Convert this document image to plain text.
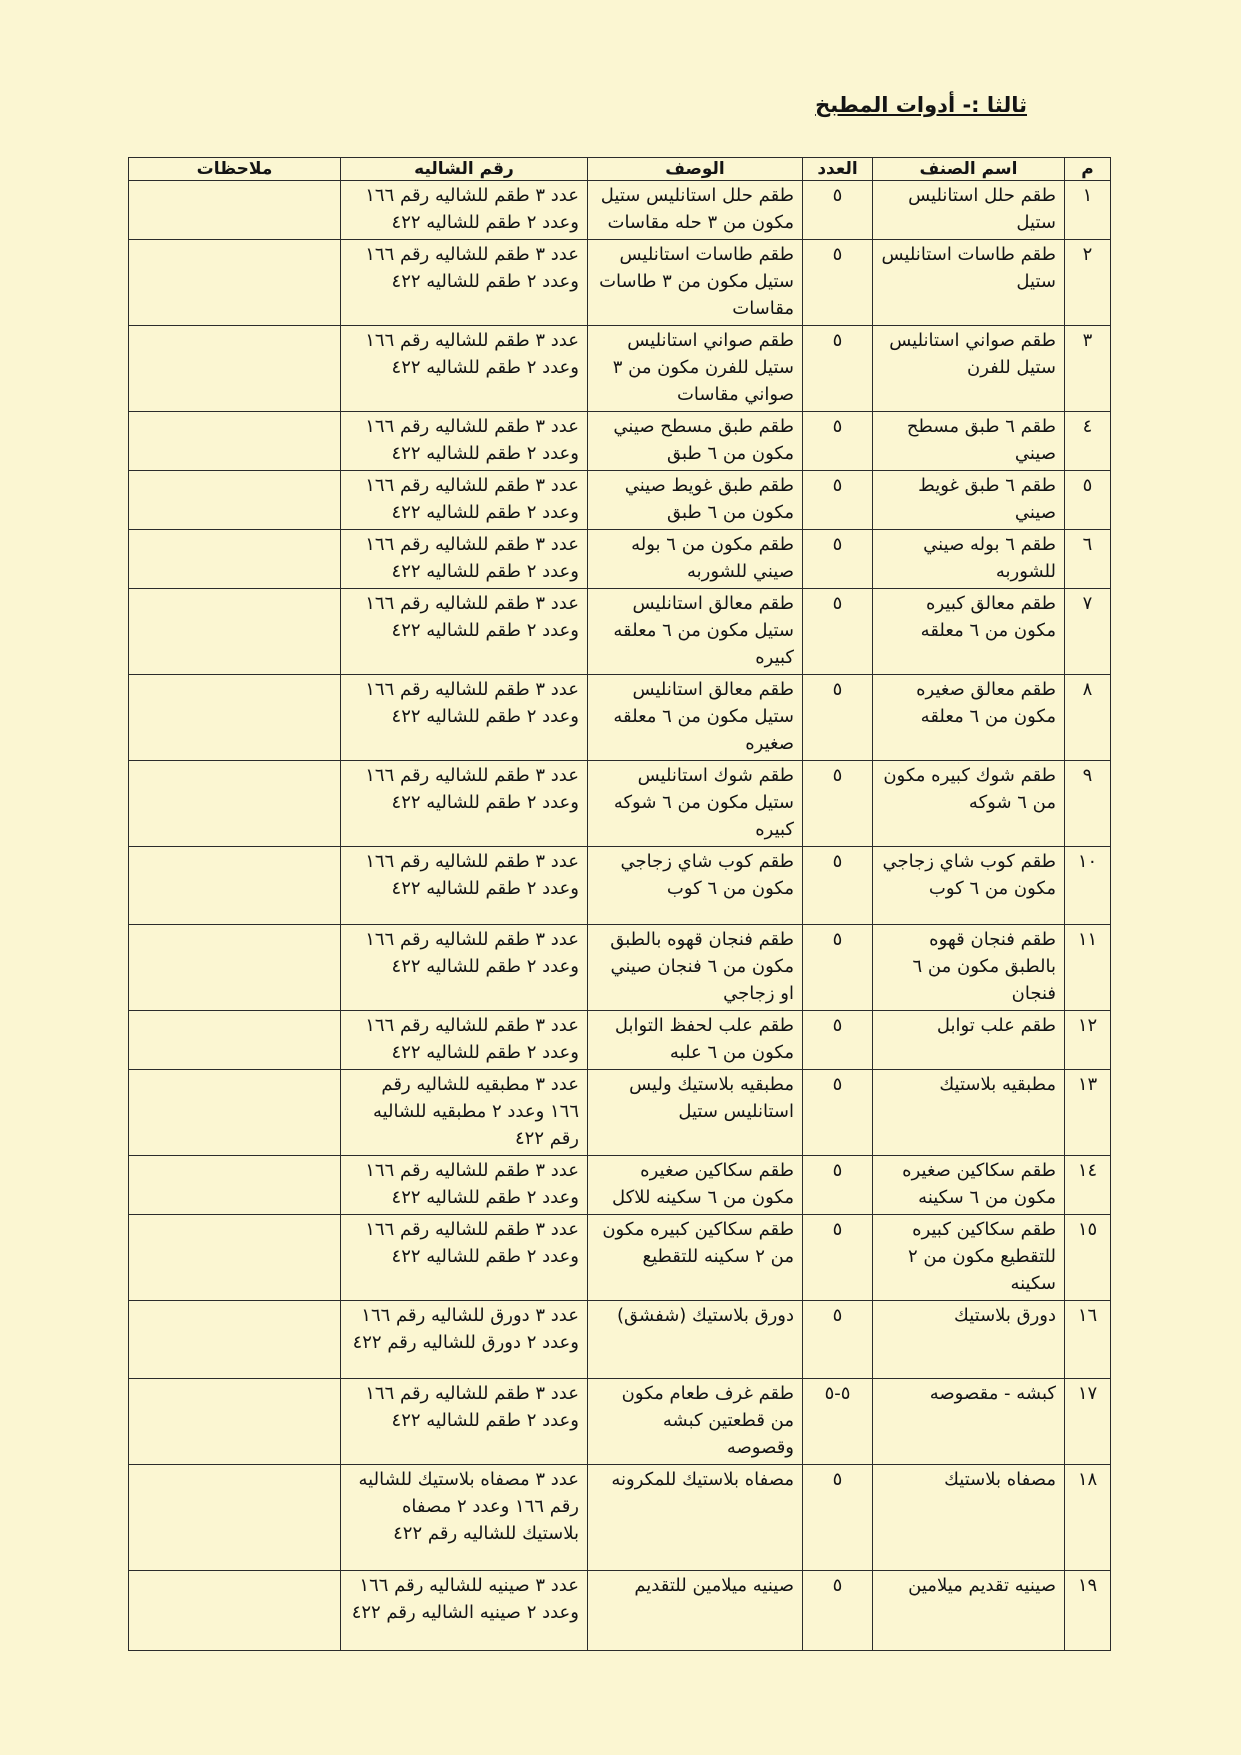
ثالثا :- أدوات المطبخ
م	اسم الصنف	العدد	الوصف	رقم الشاليه	ملاحظات
١	طقم حلل استانليس ستيل	٥	طقم حلل استانليس ستيل مكون من ٣ حله مقاسات	عدد ٣ طقم للشاليه رقم ١٦٦ وعدد ٢ طقم للشاليه ٤٢٢	
٢	طقم طاسات استانليس ستيل	٥	طقم طاسات استانليس ستيل مكون من ٣ طاسات مقاسات	عدد ٣ طقم للشاليه رقم ١٦٦ وعدد ٢ طقم للشاليه ٤٢٢	
٣	طقم صواني استانليس ستيل للفرن	٥	طقم صواني استانليس ستيل للفرن مكون من ٣ صواني مقاسات	عدد ٣ طقم للشاليه رقم ١٦٦ وعدد ٢ طقم للشاليه ٤٢٢	
٤	طقم ٦ طبق مسطح صيني	٥	طقم طبق مسطح صيني مكون من ٦ طبق	عدد ٣ طقم للشاليه رقم ١٦٦ وعدد ٢ طقم للشاليه ٤٢٢	
٥	طقم ٦ طبق غويط صيني	٥	طقم طبق غويط صيني مكون من ٦ طبق	عدد ٣ طقم للشاليه رقم ١٦٦ وعدد ٢ طقم للشاليه ٤٢٢	
٦	طقم ٦ بوله صيني للشوربه	٥	طقم مكون من ٦ بوله صيني للشوربه	عدد ٣ طقم للشاليه رقم ١٦٦ وعدد ٢ طقم للشاليه ٤٢٢	
٧	طقم معالق كبيره مكون من ٦ معلقه	٥	طقم معالق استانليس ستيل مكون من ٦ معلقه كبيره	عدد ٣ طقم للشاليه رقم ١٦٦ وعدد ٢ طقم للشاليه ٤٢٢	
٨	طقم معالق صغيره مكون من ٦ معلقه	٥	طقم معالق استانليس ستيل مكون من ٦ معلقه صغيره	عدد ٣ طقم للشاليه رقم ١٦٦ وعدد ٢ طقم للشاليه ٤٢٢	
٩	طقم شوك كبيره مكون من ٦ شوكه	٥	طقم شوك استانليس ستيل مكون من ٦ شوكه كبيره	عدد ٣ طقم للشاليه رقم ١٦٦ وعدد ٢ طقم للشاليه ٤٢٢	
١٠	طقم كوب شاي زجاجي مكون من ٦ كوب	٥	طقم كوب شاي زجاجي مكون من ٦ كوب	عدد ٣ طقم للشاليه رقم ١٦٦ وعدد ٢ طقم للشاليه ٤٢٢	
١١	طقم فنجان قهوه بالطبق مكون من ٦ فنجان	٥	طقم فنجان قهوه بالطبق مكون من ٦ فنجان صيني او زجاجي	عدد ٣ طقم للشاليه رقم ١٦٦ وعدد ٢ طقم للشاليه ٤٢٢	
١٢	طقم علب توابل	٥	طقم علب لحفظ التوابل مكون من ٦ علبه	عدد ٣ طقم للشاليه رقم ١٦٦ وعدد ٢ طقم للشاليه ٤٢٢	
١٣	مطبقيه بلاستيك	٥	مطبقيه بلاستيك وليس استانليس ستيل	عدد ٣ مطبقيه للشاليه رقم ١٦٦ وعدد ٢ مطبقيه للشاليه رقم ٤٢٢	
١٤	طقم سكاكين صغيره مكون من ٦ سكينه	٥	طقم سكاكين صغيره مكون من ٦ سكينه للاكل	عدد ٣ طقم للشاليه رقم ١٦٦ وعدد ٢ طقم للشاليه ٤٢٢	
١٥	طقم سكاكين كبيره للتقطيع مكون من ٢ سكينه	٥	طقم سكاكين كبيره مكون من ٢ سكينه للتقطيع	عدد ٣ طقم للشاليه رقم ١٦٦ وعدد ٢ طقم للشاليه ٤٢٢	
١٦	دورق بلاستيك	٥	دورق بلاستيك (شفشق)	عدد ٣ دورق للشاليه رقم ١٦٦ وعدد ٢ دورق للشاليه رقم ٤٢٢	
١٧	كبشه - مقصوصه	٥-٥	طقم غرف طعام مكون من قطعتين كبشه وقصوصه	عدد ٣ طقم للشاليه رقم ١٦٦ وعدد ٢ طقم للشاليه ٤٢٢	
١٨	مصفاه بلاستيك	٥	مصفاه بلاستيك للمكرونه	عدد ٣ مصفاه بلاستيك للشاليه رقم ١٦٦ وعدد ٢ مصفاه بلاستيك للشاليه رقم ٤٢٢	
١٩	صينيه تقديم ميلامين	٥	صينيه ميلامين للتقديم	عدد ٣ صينيه للشاليه رقم ١٦٦ وعدد ٢ صينيه الشاليه رقم ٤٢٢	
